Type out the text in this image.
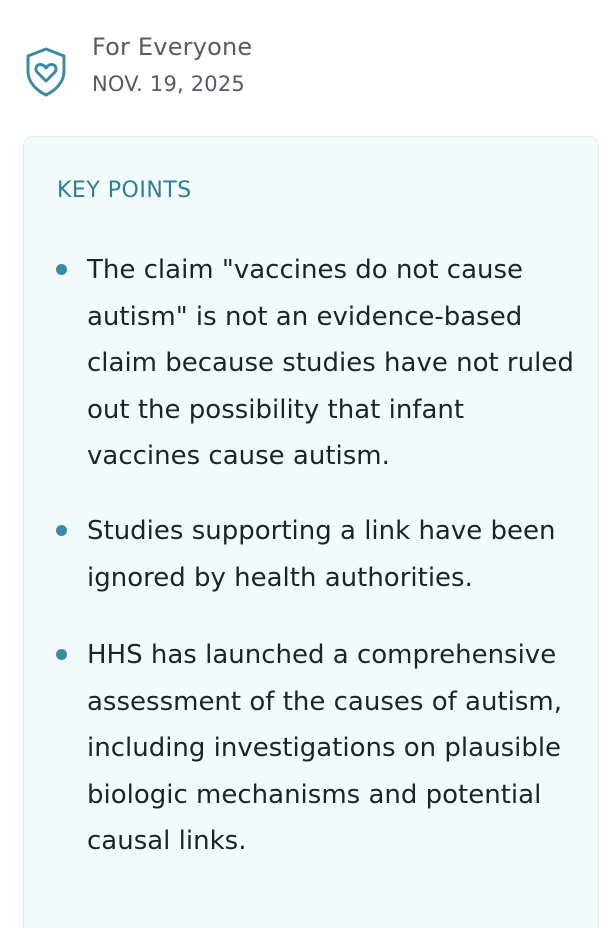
For Everyone
NOV. 19, 2025
KEY POINTS

The claim "vaccines do not cause autism" is not an evidence-based claim because studies have not ruled out the possibility that infant vaccines cause autism.

Studies supporting a link have been ignored by health authorities.

HHS has launched a comprehensive assessment of the causes of autism, including investigations on plausible biologic mechanisms and potential causal links.
